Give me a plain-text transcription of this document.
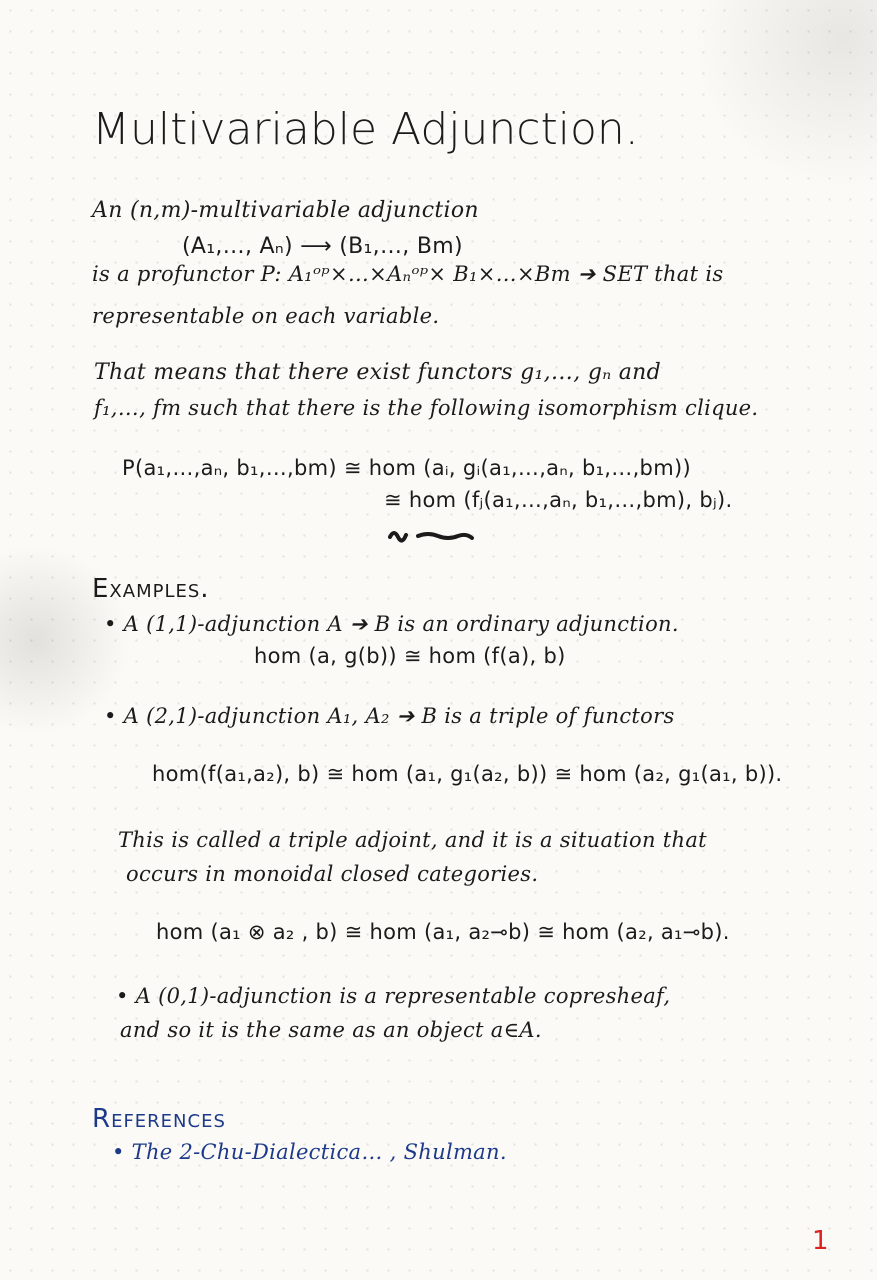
Multivariable Adjunction.
An (n,m)-multivariable adjunction
(A₁,…, Aₙ) ⟶ (B₁,…, Bm)
is a profunctor P: A₁ᵒᵖ×…×Aₙᵒᵖ× B₁×…×Bm ➔ SET that is
representable on each variable.
That means that there exist functors g₁,…, gₙ and
f₁,…, fm such that there is the following isomorphism clique.
P(a₁,…,aₙ, b₁,…,bm) ≅ hom (aᵢ, gᵢ(a₁,…,aₙ, b₁,…,bm))
≅ hom (fⱼ(a₁,…,aₙ, b₁,…,bm), bⱼ).
Examples.
• A (1,1)-adjunction A ➔ B is an ordinary adjunction.
hom (a, g(b)) ≅ hom (f(a), b)
• A (2,1)-adjunction A₁, A₂ ➔ B is a triple of functors
hom(f(a₁,a₂), b) ≅ hom (a₁, g₁(a₂, b)) ≅ hom (a₂, g₁(a₁, b)).
This is called a triple adjoint, and it is a situation that
occurs in monoidal closed categories.
hom (a₁ ⊗ a₂ , b) ≅ hom (a₁, a₂⊸b) ≅ hom (a₂, a₁⊸b).
• A (0,1)-adjunction is a representable copresheaf,
and so it is the same as an object a∈A.
References
• The 2-Chu-Dialectica… , Shulman.
1
